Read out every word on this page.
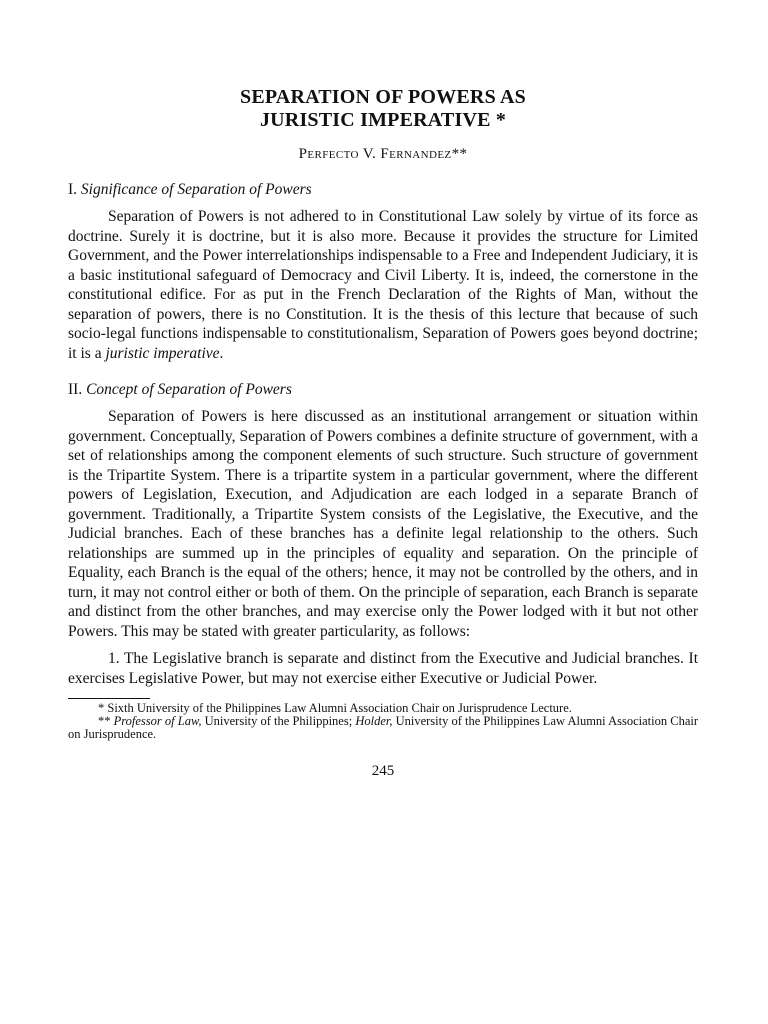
SEPARATION OF POWERS AS
JURISTIC IMPERATIVE *
Perfecto V. Fernandez**
I. Significance of Separation of Powers

Separation of Powers is not adhered to in Constitutional Law solely by virtue of its force as doctrine. Surely it is doctrine, but it is also more. Because it provides the structure for Limited Government, and the Power interrelationships indispensable to a Free and Independent Judiciary, it is a basic institutional safeguard of Democracy and Civil Liberty. It is, indeed, the cornerstone in the constitutional edifice. For as put in the French Declaration of the Rights of Man, without the separation of powers, there is no Constitution. It is the thesis of this lecture that because of such socio-legal functions indispensable to constitutionalism, Separation of Powers goes beyond doctrine; it is a juristic imperative.

II. Concept of Separation of Powers

Separation of Powers is here discussed as an institutional arrangement or situation within government. Conceptually, Separation of Powers combines a definite structure of government, with a set of relationships among the component elements of such structure. Such structure of government is the Tripartite System. There is a tripartite system in a particular government, where the different powers of Legislation, Execution, and Adjudication are each lodged in a separate Branch of government. Traditionally, a Tripartite System consists of the Legislative, the Executive, and the Judicial branches. Each of these branches has a definite legal relationship to the others. Such relationships are summed up in the principles of equality and separation. On the principle of Equality, each Branch is the equal of the others; hence, it may not be controlled by the others, and in turn, it may not control either or both of them. On the principle of separation, each Branch is separate and distinct from the other branches, and may exercise only the Power lodged with it but not other Powers. This may be stated with greater particularity, as follows:

1. The Legislative branch is separate and distinct from the Executive and Judicial branches. It exercises Legislative Power, but may not exercise either Executive or Judicial Power.

* Sixth University of the Philippines Law Alumni Association Chair on Jurisprudence Lecture.

** Professor of Law, University of the Philippines; Holder, University of the Philippines Law Alumni Association Chair on Jurisprudence.

245
